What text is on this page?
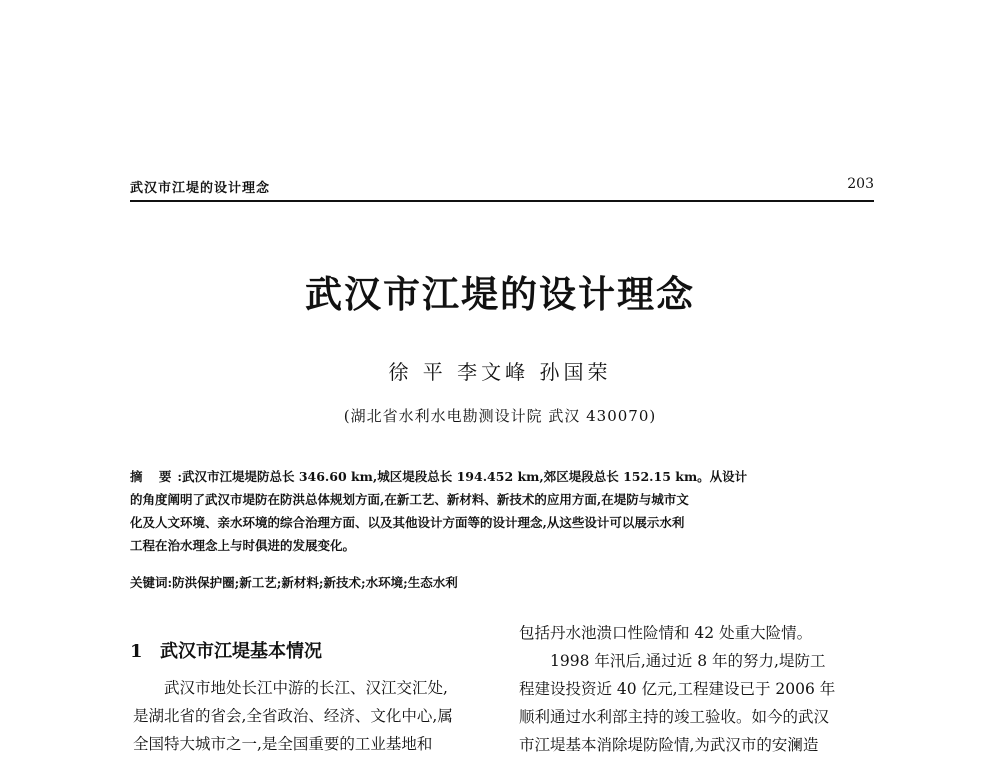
武汉市江堤的设计理念	203
武汉市江堤的设计理念
徐 平 李文峰 孙国荣
(湖北省水利水电勘测设计院 武汉 430070)
摘 要:武汉市江堤堤防总长 346.60 km,城区堤段总长 194.452 km,郊区堤段总长 152.15 km。从设计
的角度阐明了武汉市堤防在防洪总体规划方面,在新工艺、新材料、新技术的应用方面,在堤防与城市文
化及人文环境、亲水环境的综合治理方面、以及其他设计方面等的设计理念,从这些设计可以展示水利
工程在治水理念上与时俱进的发展变化。
关键词:防洪保护圈;新工艺;新材料;新技术;水环境;生态水利
1 武汉市江堤基本情况
武汉市地处长江中游的长江、汉江交汇处,
是湖北省的省会,全省政治、经济、文化中心,属
全国特大城市之一,是全国重要的工业基地和
包括丹水池溃口性险情和 42 处重大险情。
1998 年汛后,通过近 8 年的努力,堤防工
程建设投资近 40 亿元,工程建设已于 2006 年
顺利通过水利部主持的竣工验收。如今的武汉
市江堤基本消除堤防险情,为武汉市的安澜造
